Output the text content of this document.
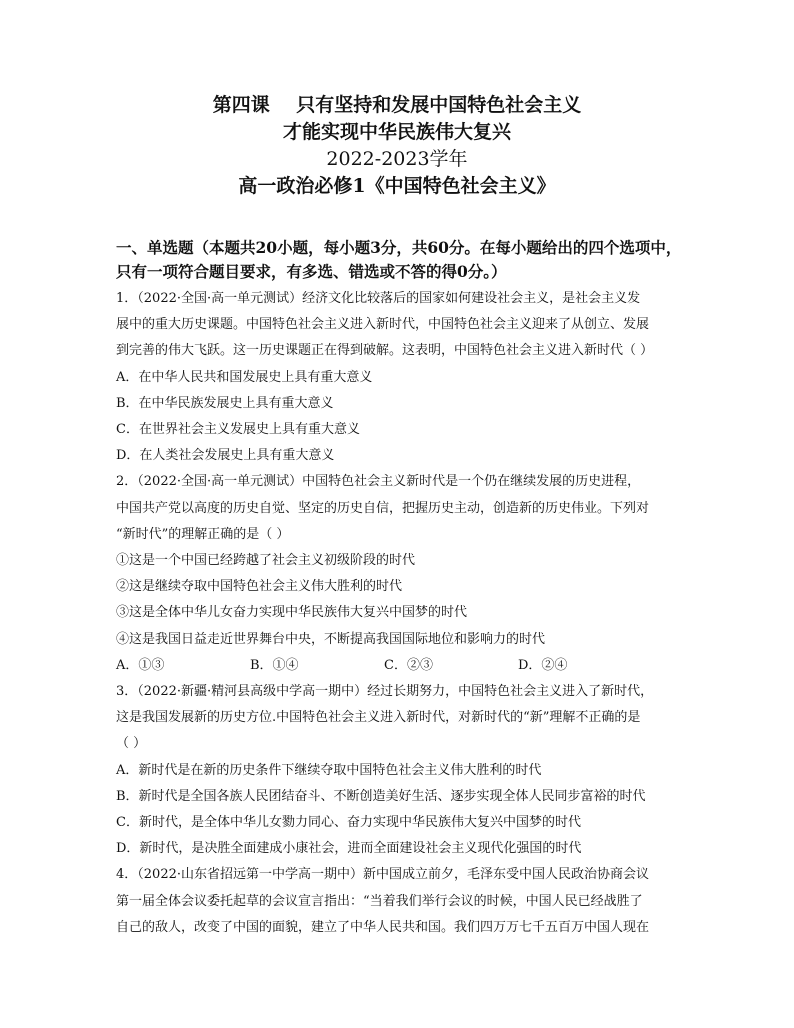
第四课    只有坚持和发展中国特色社会主义
才能实现中华民族伟大复兴
2022-2023学年
高一政治必修1《中国特色社会主义》
一、单选题（本题共20小题，每小题3分，共60分。在每小题给出的四个选项中，
只有一项符合题目要求，有多选、错选或不答的得0分。）
1．（2022·全国·高一单元测试）经济文化比较落后的国家如何建设社会主义，是社会主义发
展中的重大历史课题。中国特色社会主义进入新时代，中国特色社会主义迎来了从创立、发展
到完善的伟大飞跃。这一历史课题正在得到破解。这表明，中国特色社会主义进入新时代（ ）
A．在中华人民共和国发展史上具有重大意义
B．在中华民族发展史上具有重大意义
C．在世界社会主义发展史上具有重大意义
D．在人类社会发展史上具有重大意义
2．（2022·全国·高一单元测试）中国特色社会主义新时代是一个仍在继续发展的历史进程，
中国共产党以高度的历史自觉、坚定的历史自信，把握历史主动，创造新的历史伟业。下列对
“新时代”的理解正确的是（ ）
①这是一个中国已经跨越了社会主义初级阶段的时代
②这是继续夺取中国特色社会主义伟大胜利的时代
③这是全体中华儿女奋力实现中华民族伟大复兴中国梦的时代
④这是我国日益走近世界舞台中央，不断提高我国国际地位和影响力的时代
A．①③	B．①④	C．②③	D．②④
3．（2022·新疆·精河县高级中学高一期中）经过长期努力，中国特色社会主义进入了新时代，
这是我国发展新的历史方位.中国特色社会主义进入新时代，对新时代的“新”理解不正确的是
（ ）
A．新时代是在新的历史条件下继续夺取中国特色社会主义伟大胜利的时代
B．新时代是全国各族人民团结奋斗、不断创造美好生活、逐步实现全体人民同步富裕的时代
C．新时代，是全体中华儿女勠力同心、奋力实现中华民族伟大复兴中国梦的时代
D．新时代，是决胜全面建成小康社会，进而全面建设社会主义现代化强国的时代
4．（2022·山东省招远第一中学高一期中）新中国成立前夕，毛泽东受中国人民政治协商会议
第一届全体会议委托起草的会议宣言指出：“当着我们举行会议的时候，中国人民已经战胜了
自己的敌人，改变了中国的面貌，建立了中华人民共和国。我们四万万七千五百万中国人现在
